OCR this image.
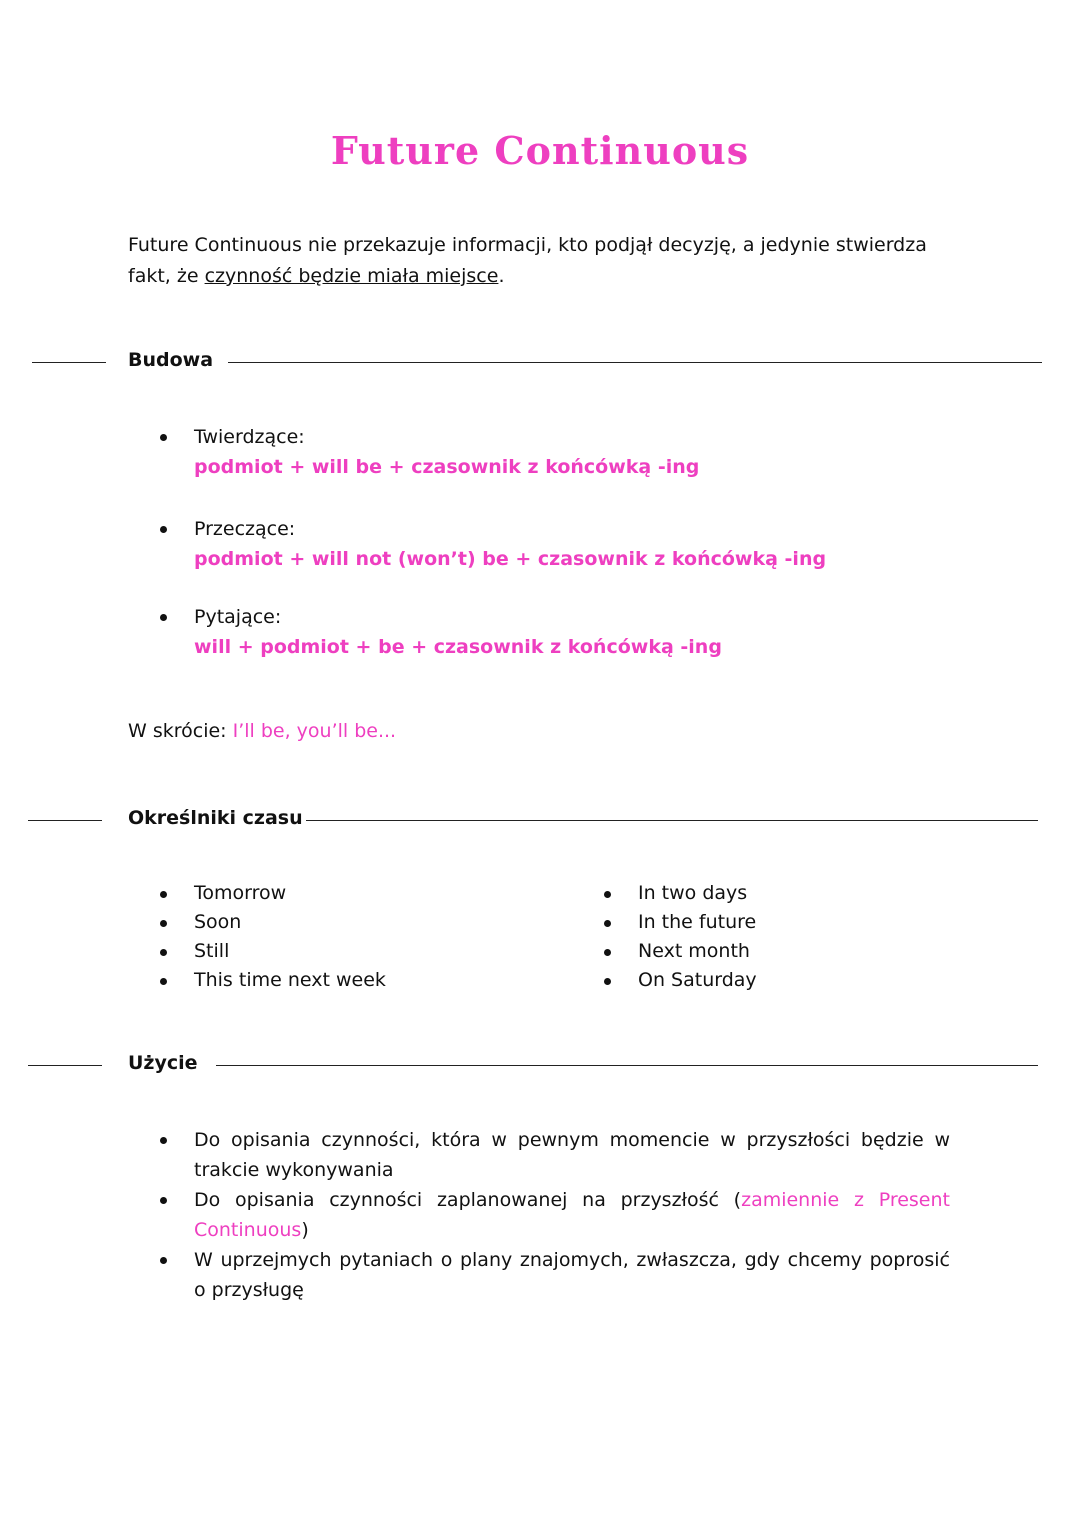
Future Continuous

Future Continuous nie przekazuje informacji, kto podjął decyzję, a jedynie stwierdza fakt, że czynność będzie miała miejsce.

Budowa
Twierdzące:
podmiot + will be + czasownik z końcówką -ing
Przeczące:
podmiot + will not (won’t) be + czasownik z końcówką -ing
Pytające:
will + podmiot + be + czasownik z końcówką -ing
W skrócie: I’ll be, you’ll be...
Określniki czasu
Tomorrow
Soon
Still
This time next week
In two days
In the future
Next month
On Saturday
Użycie
Do opisania czynności, która w pewnym momencie w przyszłości będzie w trakcie wykonywania
Do opisania czynności zaplanowanej na przyszłość (zamiennie z Present Continuous)
W uprzejmych pytaniach o plany znajomych, zwłaszcza, gdy chcemy poprosić o przysługę
